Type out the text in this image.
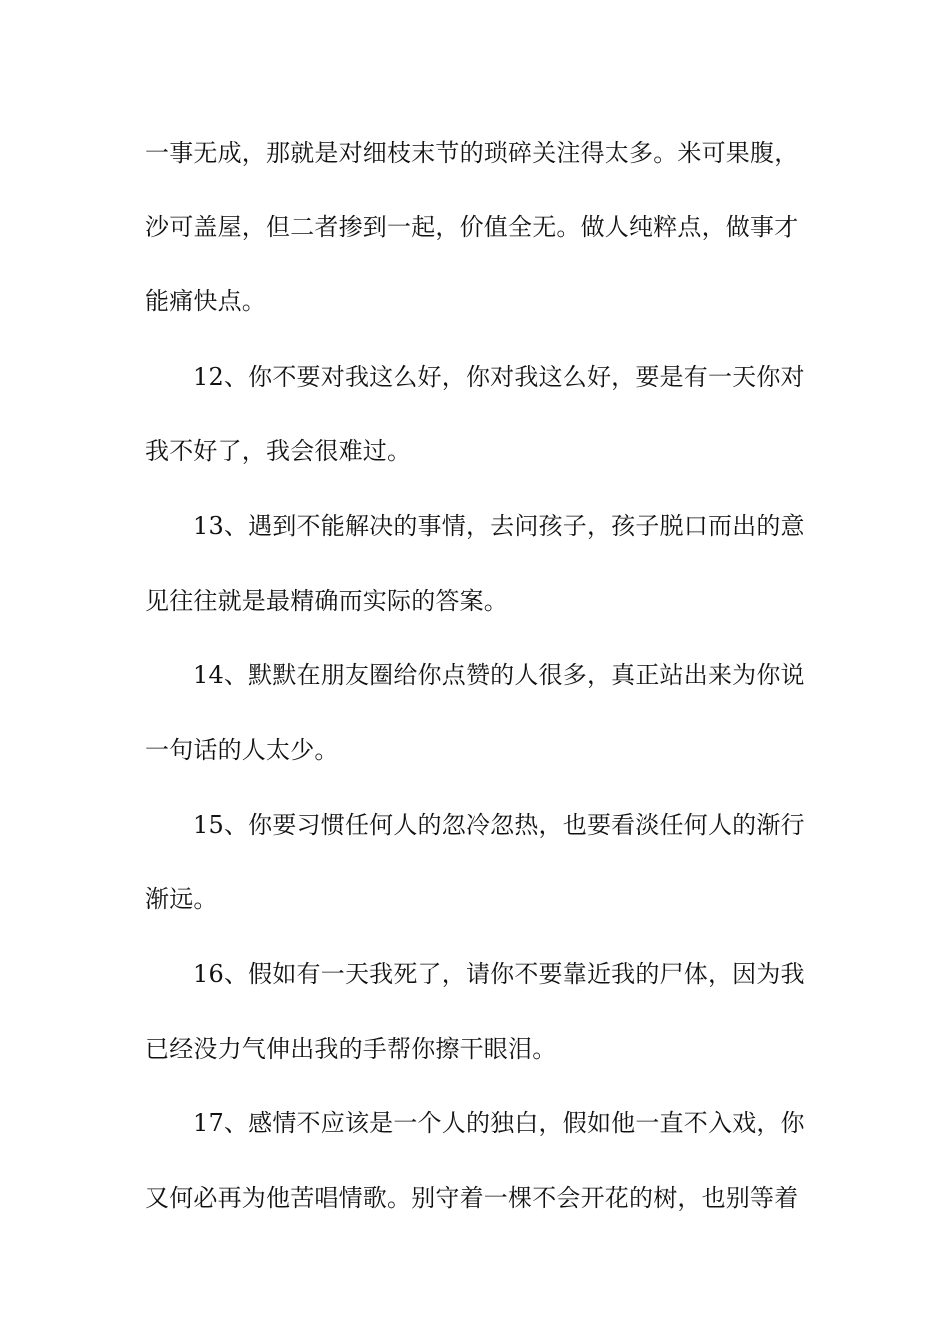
一事无成，那就是对细枝末节的琐碎关注得太多。米可果腹，
沙可盖屋，但二者掺到一起，价值全无。做人纯粹点，做事才
能痛快点。
12、你不要对我这么好，你对我这么好，要是有一天你对
我不好了，我会很难过。
13、遇到不能解决的事情，去问孩子，孩子脱口而出的意
见往往就是最精确而实际的答案。
14、默默在朋友圈给你点赞的人很多，真正站出来为你说
一句话的人太少。
15、你要习惯任何人的忽冷忽热，也要看淡任何人的渐行
渐远。
16、假如有一天我死了，请你不要靠近我的尸体，因为我
已经没力气伸出我的手帮你擦干眼泪。
17、感情不应该是一个人的独白，假如他一直不入戏，你
又何必再为他苦唱情歌。别守着一棵不会开花的树，也别等着
